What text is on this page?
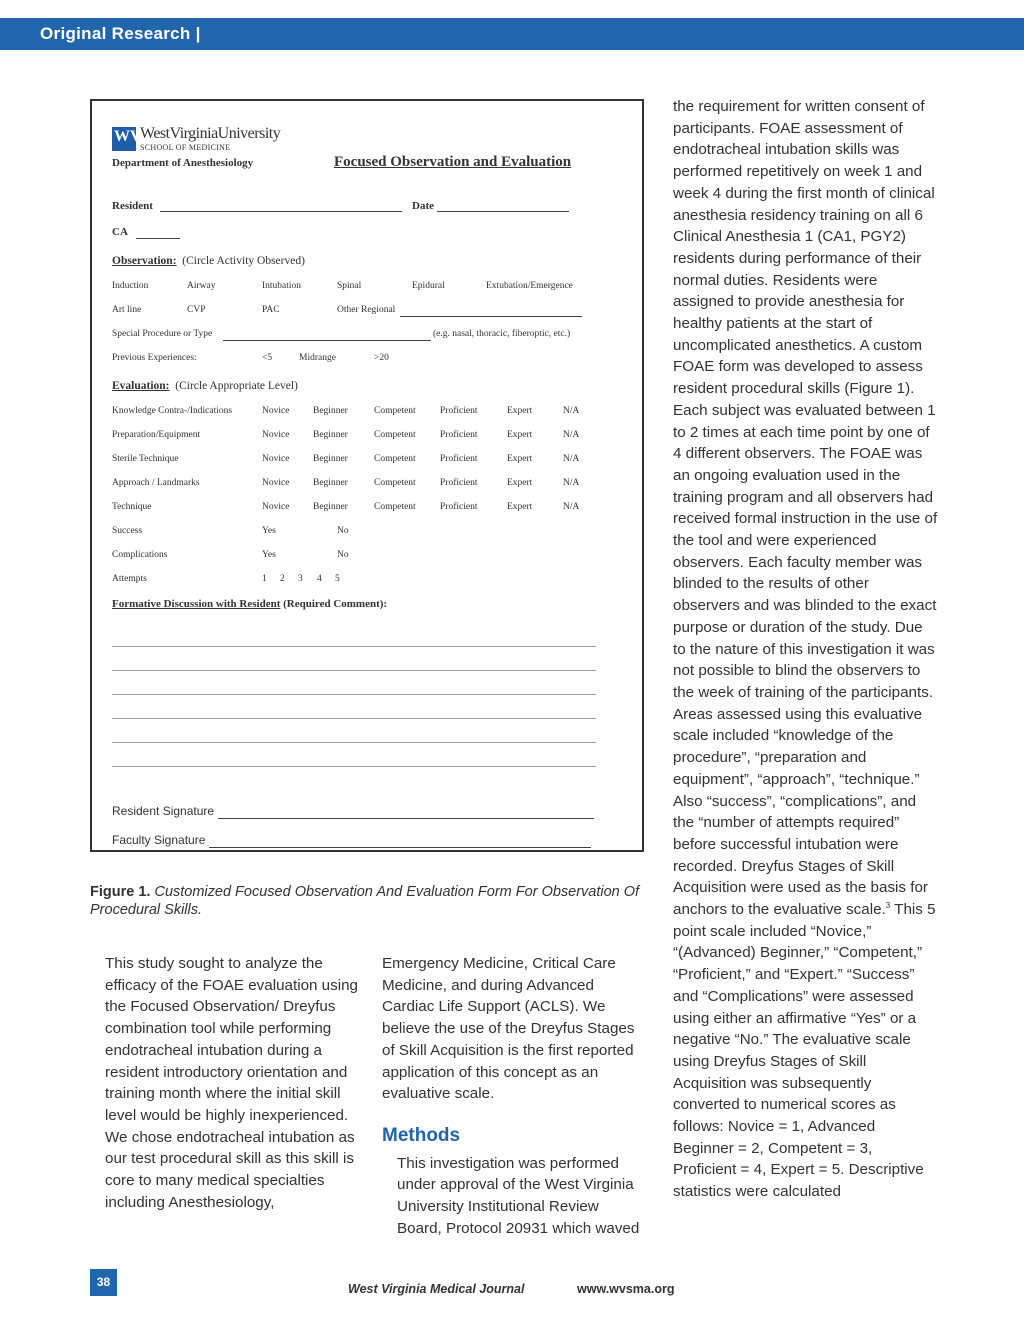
Original Research |
WV
WestVirginiaUniversity
SCHOOL OF MEDICINE
Department of Anesthesiology	Focused Observation and Evaluation
Resident	Date
CA
Observation: (Circle Activity Observed)
Induction	Airway	Intubation	Spinal	Epidural	Extubation/Emergence
Art line	CVP	PAC	Other Regional
Special Procedure or Type	(e.g. nasal, thoracic, fiberoptic, etc.)
Previous Experiences:	<5	Midrange	>20
Evaluation: (Circle Appropriate Level)
Knowledge Contra-/Indications	Novice Beginner	Competent	Proficient	Expert	N/A
Preparation/Equipment	Novice Beginner	Competent	Proficient	Expert	N/A
Sterile Technique	Novice Beginner	Competent	Proficient	Expert	N/A
Approach / Landmarks	Novice Beginner	Competent	Proficient	Expert	N/A
Technique	Novice Beginner	Competent	Proficient	Expert	N/A
Success	Yes	No
Complications	Yes	No
Attempts	1 2 3 4 5
Formative Discussion with Resident (Required Comment):
Resident Signature
Faculty Signature
Figure 1. Customized Focused Observation And Evaluation Form For Observation Of Procedural Skills.

This study sought to analyze the efficacy of the FOAE evaluation using the Focused Observation/ Dreyfus combination tool while performing endotracheal intubation during a resident introductory orientation and training month where the initial skill level would be highly inexperienced. We chose endotracheal intubation as our test procedural skill as this skill is core to many medical specialties including Anesthesiology,

Emergency Medicine, Critical Care Medicine, and during Advanced Cardiac Life Support (ACLS). We believe the use of the Dreyfus Stages of Skill Acquisition is the first reported application of this concept as an evaluative scale.

Methods

This investigation was performed under approval of the West Virginia University Institutional Review Board, Protocol 20931 which waved

the requirement for written consent of participants. FOAE assessment of endotracheal intubation skills was performed repetitively on week 1 and week 4 during the first month of clinical anesthesia residency training on all 6 Clinical Anesthesia 1 (CA1, PGY2) residents during performance of their normal duties. Residents were assigned to provide anesthesia for healthy patients at the start of uncomplicated anesthetics. A custom FOAE form was developed to assess resident procedural skills (Figure 1). Each subject was evaluated between 1 to 2 times at each time point by one of 4 different observers. The FOAE was an ongoing evaluation used in the training program and all observers had received formal instruction in the use of the tool and were experienced observers. Each faculty member was blinded to the results of other observers and was blinded to the exact purpose or duration of the study. Due to the nature of this investigation it was not possible to blind the observers to the week of training of the participants. Areas assessed using this evaluative scale included “knowledge of the procedure”, “preparation and equipment”, “approach”, “technique.” Also “success”, “complications”, and the “number of attempts required” before successful intubation were recorded. Dreyfus Stages of Skill Acquisition were used as the basis for anchors to the evaluative scale.$^3$ This 5 point scale included “Novice,” “(Advanced) Beginner,” “Competent,” “Proficient,” and “Expert.” “Success” and “Complications” were assessed using either an affirmative “Yes” or a negative “No.” The evaluative scale using Dreyfus Stages of Skill Acquisition was subsequently converted to numerical scores as follows: Novice = 1, Advanced Beginner = 2, Competent = 3, Proficient = 4, Expert = 5. Descriptive statistics were calculated

38	West Virginia Medical Journal	www.wvsma.org
